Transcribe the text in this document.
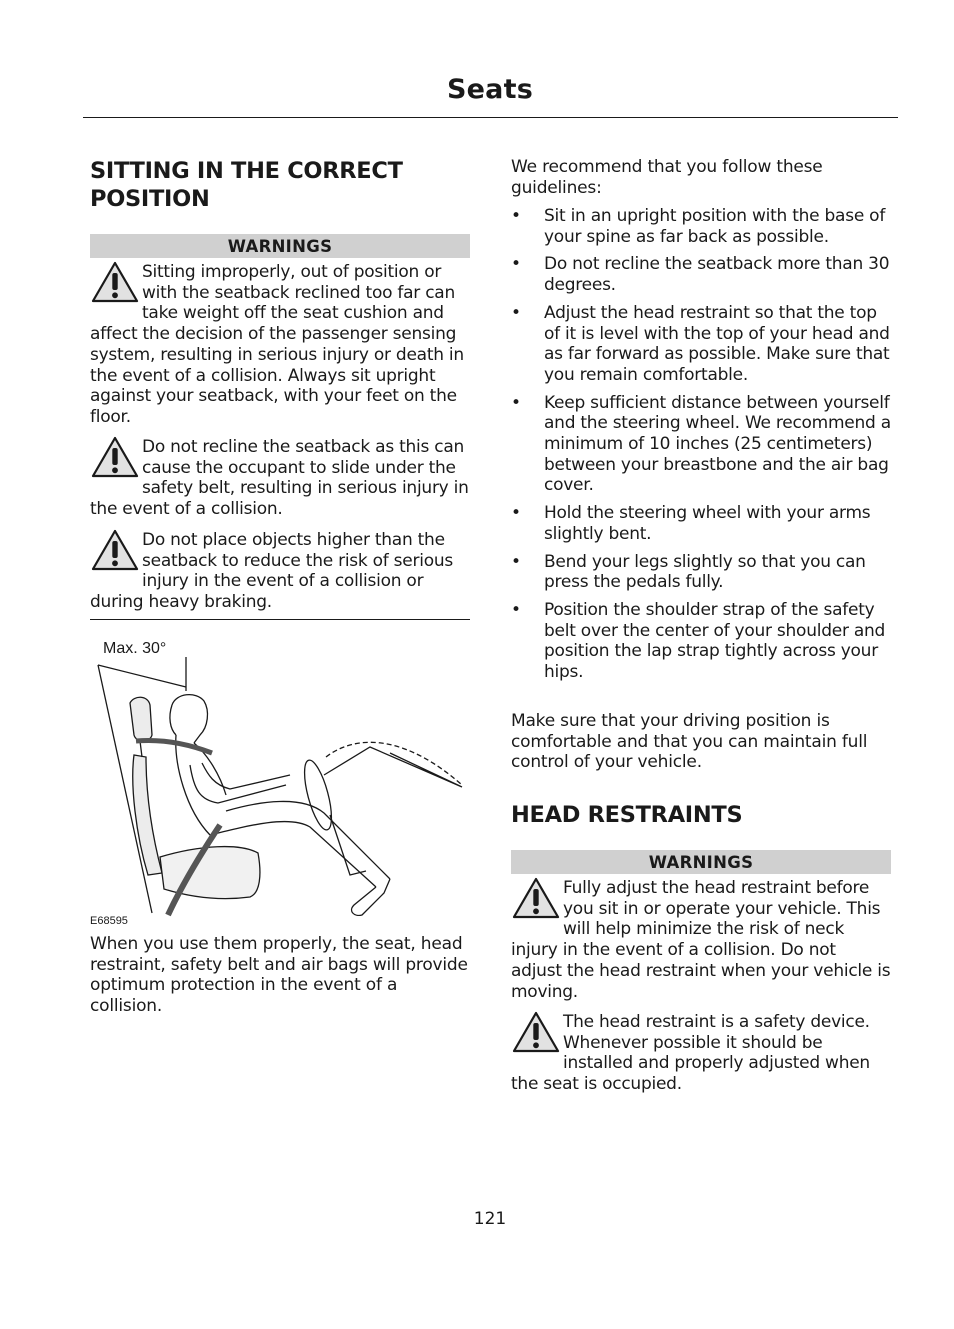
Seats
SITTING IN THE CORRECT POSITION
WARNINGS
Sitting improperly, out of position or with the seatback reclined too far can take weight off the seat cushion and affect the decision of the passenger sensing system, resulting in serious injury or death in the event of a collision. Always sit upright against your seatback, with your feet on the floor.
Do not recline the seatback as this can cause the occupant to slide under the safety belt, resulting in serious injury in the event of a collision.
Do not place objects higher than the seatback to reduce the risk of serious injury in the event of a collision or during heavy braking.
Max. 30°
E68595
When you use them properly, the seat, head restraint, safety belt and air bags will provide optimum protection in the event of a collision.
We recommend that you follow these guidelines:
• Sit in an upright position with the base of your spine as far back as possible.
• Do not recline the seatback more than 30 degrees.
• Adjust the head restraint so that the top of it is level with the top of your head and as far forward as possible. Make sure that you remain comfortable.
• Keep sufficient distance between yourself and the steering wheel. We recommend a minimum of 10 inches (25 centimeters) between your breastbone and the air bag cover.
• Hold the steering wheel with your arms slightly bent.
• Bend your legs slightly so that you can press the pedals fully.
• Position the shoulder strap of the safety belt over the center of your shoulder and position the lap strap tightly across your hips.
Make sure that your driving position is comfortable and that you can maintain full control of your vehicle.
HEAD RESTRAINTS
WARNINGS
Fully adjust the head restraint before you sit in or operate your vehicle. This will help minimize the risk of neck injury in the event of a collision. Do not adjust the head restraint when your vehicle is moving.
The head restraint is a safety device. Whenever possible it should be installed and properly adjusted when the seat is occupied.
121
